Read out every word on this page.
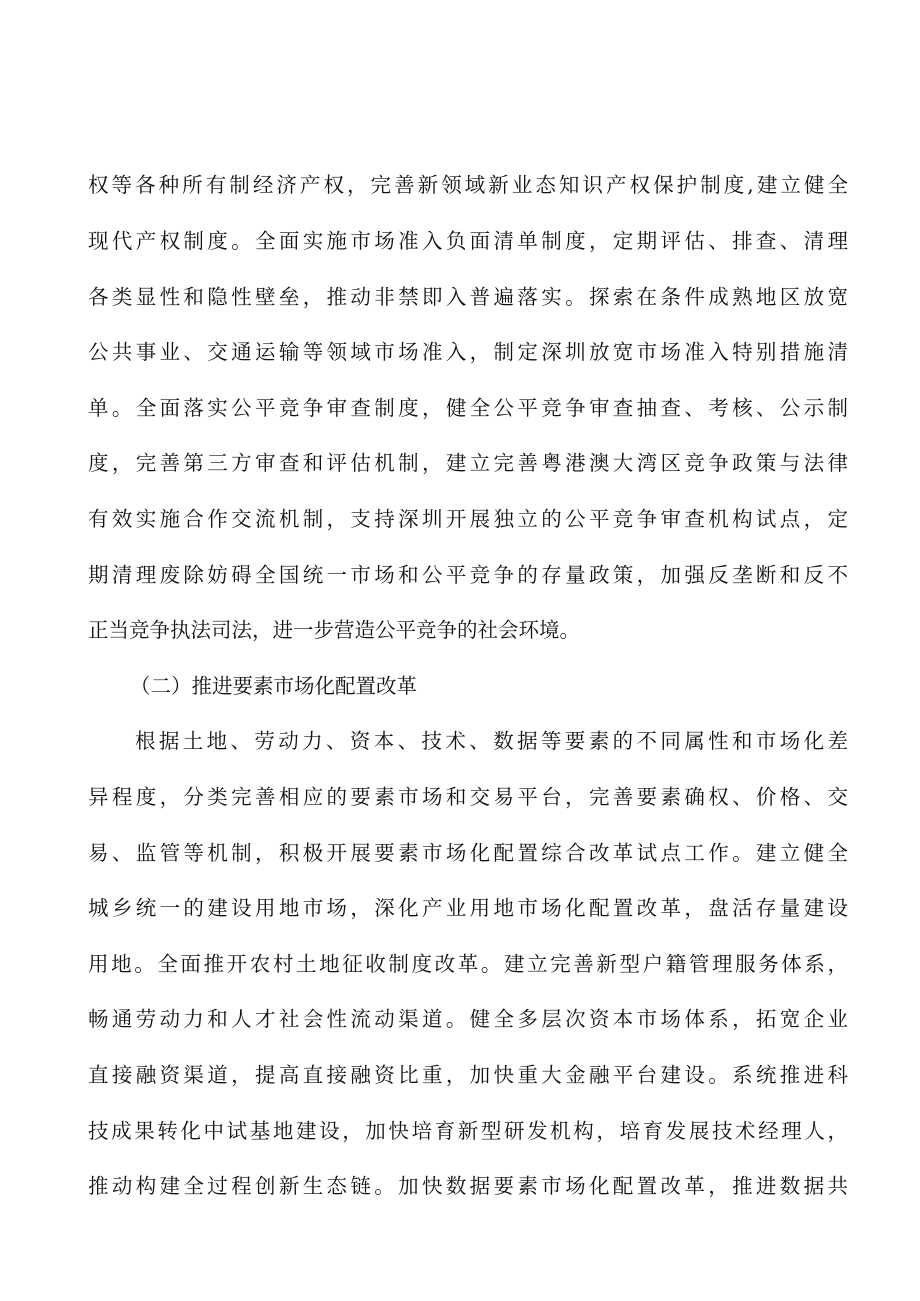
权等各种所有制经济产权，完善新领域新业态知识产权保护制度,建立健全
现代产权制度。全面实施市场准入负面清单制度，定期评估、排查、清理
各类显性和隐性壁垒，推动非禁即入普遍落实。探索在条件成熟地区放宽
公共事业、交通运输等领域市场准入，制定深圳放宽市场准入特别措施清
单。全面落实公平竞争审查制度，健全公平竞争审查抽查、考核、公示制
度，完善第三方审查和评估机制，建立完善粤港澳大湾区竞争政策与法律
有效实施合作交流机制，支持深圳开展独立的公平竞争审查机构试点，定
期清理废除妨碍全国统一市场和公平竞争的存量政策，加强反垄断和反不
正当竞争执法司法，进一步营造公平竞争的社会环境。
（二）推进要素市场化配置改革
根据土地、劳动力、资本、技术、数据等要素的不同属性和市场化差
异程度，分类完善相应的要素市场和交易平台，完善要素确权、价格、交
易、监管等机制，积极开展要素市场化配置综合改革试点工作。建立健全
城乡统一的建设用地市场，深化产业用地市场化配置改革，盘活存量建设
用地。全面推开农村土地征收制度改革。建立完善新型户籍管理服务体系，
畅通劳动力和人才社会性流动渠道。健全多层次资本市场体系，拓宽企业
直接融资渠道，提高直接融资比重，加快重大金融平台建设。系统推进科
技成果转化中试基地建设，加快培育新型研发机构，培育发展技术经理人，
推动构建全过程创新生态链。加快数据要素市场化配置改革，推进数据共
